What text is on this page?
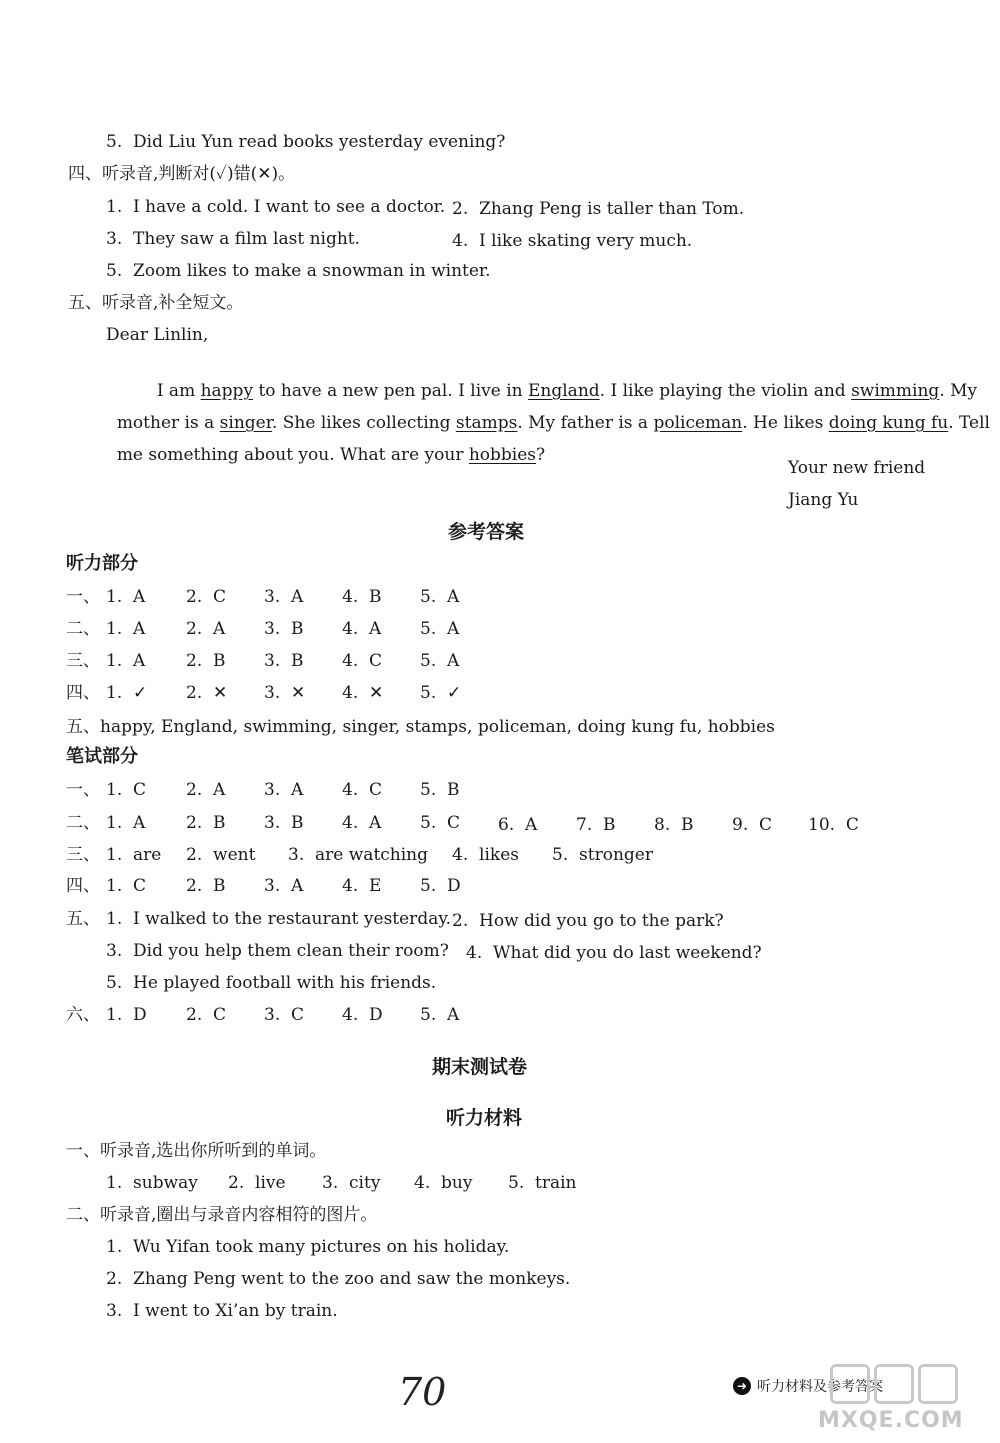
5.  Did Liu Yun read books yesterday evening?
四、听录音,判断对(✓)错(✕)。
1.  I have a cold. I want to see a doctor. 2.  Zhang Peng is taller than Tom.
3.  They saw a film last night.	4.  I like skating very much.
5.  Zoom likes to make a snowman in winter.
五、听录音,补全短文。
Dear Linlin,

I am happy to have a new pen pal. I live in England. I like playing the violin and swimming. My

mother is a singer. She likes collecting stamps. My father is a policeman. He likes doing kung fu. Tell

me something about you. What are your hobbies?

Your new friend
Jiang Yu
参考答案
听力部分
一、 1.  A 2.  C 3.  A 4.  B 5.  A
二、 1.  A 2.  A 3.  B 4.  A 5.  A
三、 1.  A 2.  B 3.  B 4.  C 5.  A
四、 1.  ✓ 2.  ✕ 3.  ✕ 4.  ✕ 5.  ✓
五、happy, England, swimming, singer, stamps, policeman, doing kung fu, hobbies
笔试部分
一、 1.  C 2.  A 3.  A 4.  C 5.  B
二、 1.  A 2.  B 3.  B 4.  A 5.  C 6.  A 7.  B 8.  B 9.  C 10.  C
三、 1.  are 2.  went 3.  are watching 4.  likes 5.  stronger
四、 1.  C 2.  B 3.  A 4.  E 5.  D
五、 1.  I walked to the restaurant yesterday. 2.  How did you go to the park?
3.  Did you help them clean their room? 4.  What did you do last weekend?
5.  He played football with his friends.
六、 1.  D 2.  C 3.  C 4.  D 5.  A
期末测试卷
听力材料
一、听录音,选出你所听到的单词。
1.  subway 2.  live 3.  city 4.  buy 5.  train
二、听录音,圈出与录音内容相符的图片。
1.  Wu Yifan took many pictures on his holiday.
2.  Zhang Peng went to the zoo and saw the monkeys.
3.  I went to Xi’an by train.
70	➜ 听力材料及参考答案
MXQE.COM
